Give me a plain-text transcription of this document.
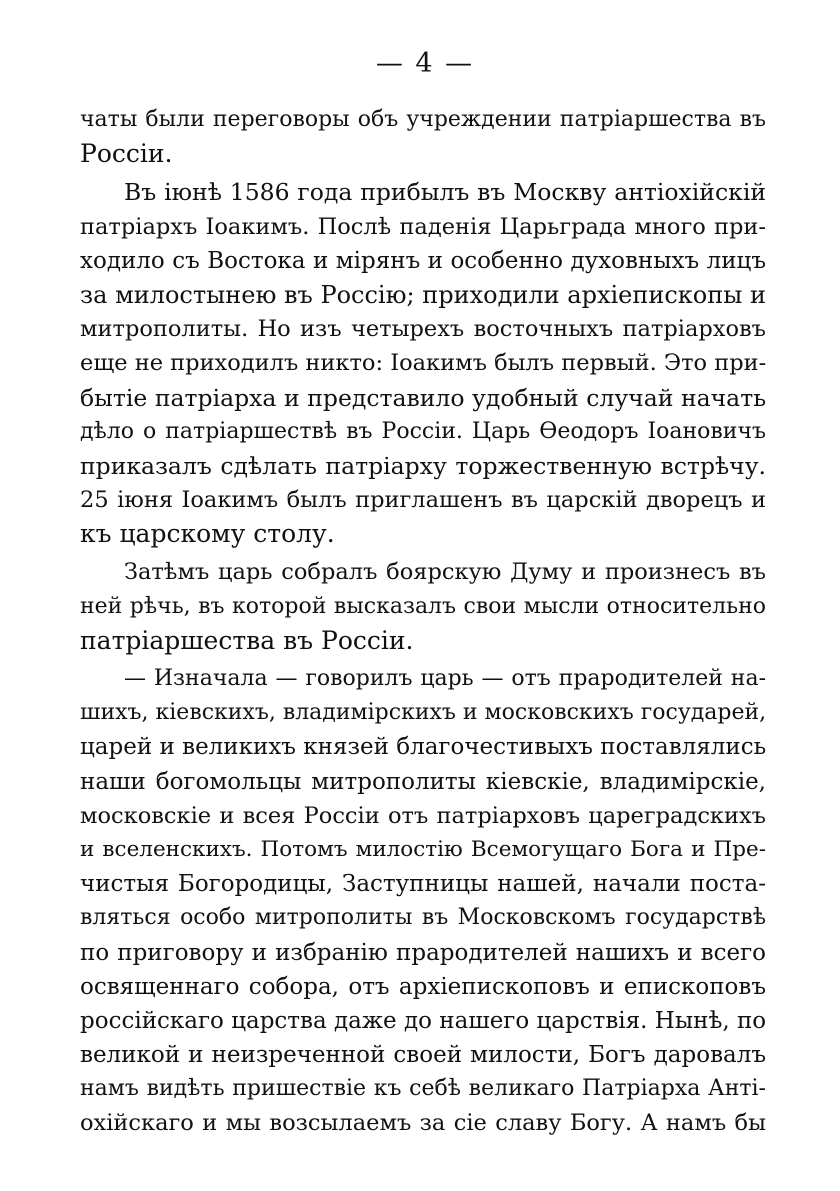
— 4 —
чаты были переговоры объ учреждении патріаршества въ
Россіи.
Въ іюнѣ 1586 года прибылъ въ Москву антіохійскій
патріархъ Іоакимъ. Послѣ паденія Царьграда много при-
ходило съ Востока и мірянъ и особенно духовныхъ лицъ
за милостынею въ Россію; приходили архіепископы и
митрополиты. Но изъ четырехъ восточныхъ патріарховъ
еще не приходилъ никто: Іоакимъ былъ первый. Это при-
бытіе патріарха и представило удобный случай начать
дѣло о патріаршествѣ въ Россіи. Царь Ѳеодоръ Іоановичъ
приказалъ сдѣлать патріарху торжественную встрѣчу.
25 іюня Іоакимъ былъ приглашенъ въ царскій дворецъ и
къ царскому столу.
Затѣмъ царь собралъ боярскую Думу и произнесъ въ
ней рѣчь, въ которой высказалъ свои мысли относительно
патріаршества въ Россіи.
— Изначала — говорилъ царь — отъ прародителей на-
шихъ, кіевскихъ, владимірскихъ и московскихъ государей,
царей и великихъ князей благочестивыхъ поставлялись
наши богомольцы митрополиты кіевскіе, владимірскіе,
московскіе и всея Россіи отъ патріарховъ цареградскихъ
и вселенскихъ. Потомъ милостію Всемогущаго Бога и Пре-
чистыя Богородицы, Заступницы нашей, начали поста-
вляться особо митрополиты въ Московскомъ государствѣ
по приговору и избранію прародителей нашихъ и всего
освященнаго собора, отъ архіепископовъ и епископовъ
россійскаго царства даже до нашего царствія. Нынѣ, по
великой и неизреченной своей милости, Богъ даровалъ
намъ видѣть пришествіе къ себѣ великаго Патріарха Анті-
охійскаго и мы возсылаемъ за сіе славу Богу. А намъ бы
